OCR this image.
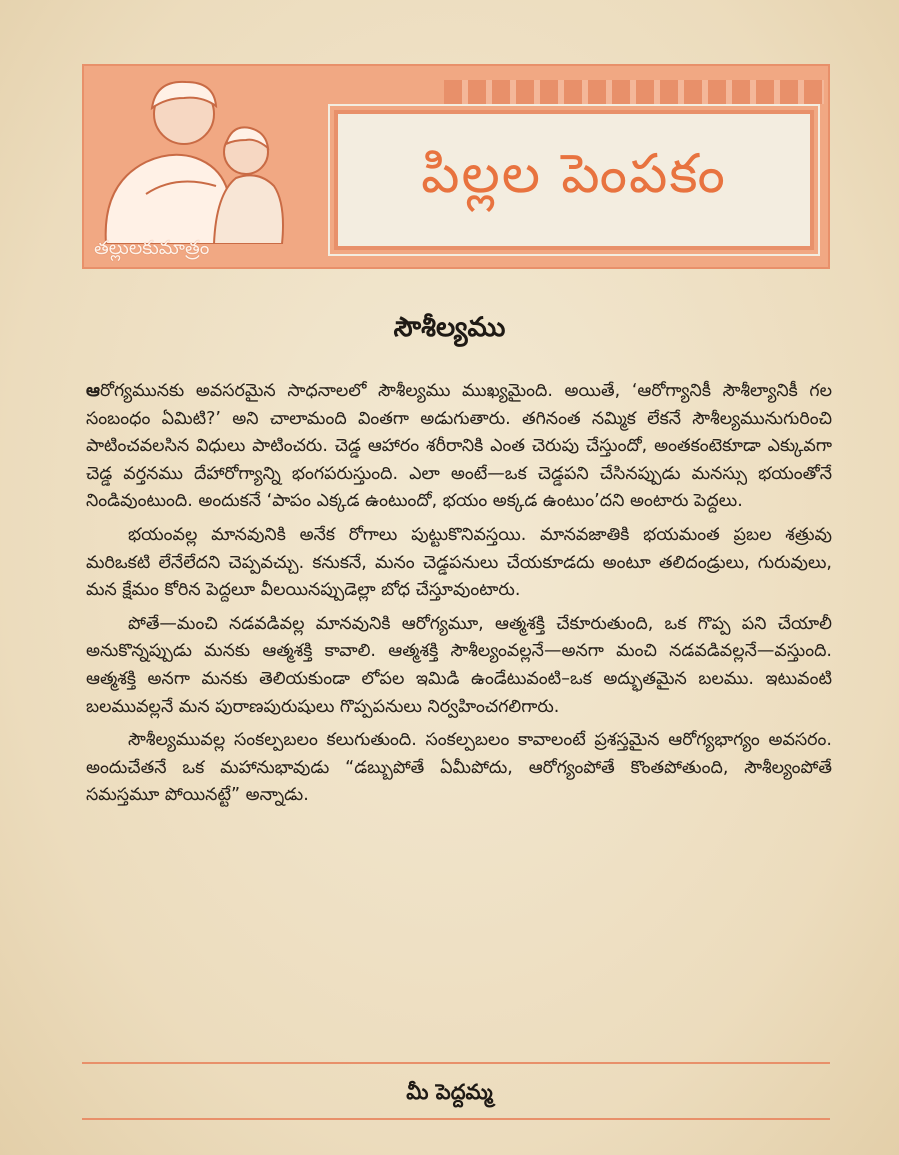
తల్లులకుమాత్రం
పిల్లల పెంపకం
సౌశీల్యము

ఆరోగ్యమునకు అవసరమైన సాధనాలలో సౌశీల్యము ముఖ్యమైంది. అయితే, ‘ఆరోగ్యానికీ సౌశీల్యానికీ గల సంబంధం ఏమిటి?’ అని చాలామంది వింతగా అడుగుతారు. తగినంత నమ్మిక లేకనే సౌశీల్యమునుగురించి పాటించవలసిన విధులు పాటించరు. చెడ్డ ఆహారం శరీరానికి ఎంత చెరుపు చేస్తుందో, అంతకంటెకూడా ఎక్కువగా చెడ్డ వర్తనము దేహారోగ్యాన్ని భంగపరుస్తుంది. ఎలా అంటే—ఒక చెడ్డపని చేసినప్పుడు మనస్సు భయంతోనే నిండివుంటుంది. అందుకనే ‘పాపం ఎక్కడ ఉంటుందో, భయం అక్కడ ఉంటుం’దని అంటారు పెద్దలు.

భయంవల్ల మానవునికి అనేక రోగాలు పుట్టుకొనివస్తయి. మానవజాతికి భయమంత ప్రబల శత్రువు మరిఒకటి లేనేలేదని చెప్పవచ్చు. కనుకనే, మనం చెడ్డపనులు చేయకూడదు అంటూ తలిదండ్రులు, గురువులు, మన క్షేమం కోరిన పెద్దలూ వీలయినప్పుడెల్లా బోధ చేస్తూవుంటారు.

పోతే—మంచి నడవడివల్ల మానవునికి ఆరోగ్యమూ, ఆత్మశక్తి చేకూరుతుంది, ఒక గొప్ప పని చేయాలీ అనుకొన్నప్పుడు మనకు ఆత్మశక్తి కావాలి. ఆత్మశక్తి సౌశీల్యంవల్లనే—అనగా మంచి నడవడివల్లనే—వస్తుంది. ఆత్మశక్తి అనగా మనకు తెలియకుండా లోపల ఇమిడి ఉండేటువంటి–ఒక అద్భుతమైన బలము. ఇటువంటి బలమువల్లనే మన పురాణపురుషులు గొప్పపనులు నిర్వహించగలిగారు.

సౌశీల్యమువల్ల సంకల్పబలం కలుగుతుంది. సంకల్పబలం కావాలంటే ప్రశస్తమైన ఆరోగ్యభాగ్యం అవసరం. అందుచేతనే ఒక మహానుభావుడు “డబ్బుపోతే ఏమీపోదు, ఆరోగ్యంపోతే కొంతపోతుంది, సౌశీల్యంపోతే సమస్తమూ పోయినట్టే” అన్నాడు.

మీ పెద్దమ్మ
